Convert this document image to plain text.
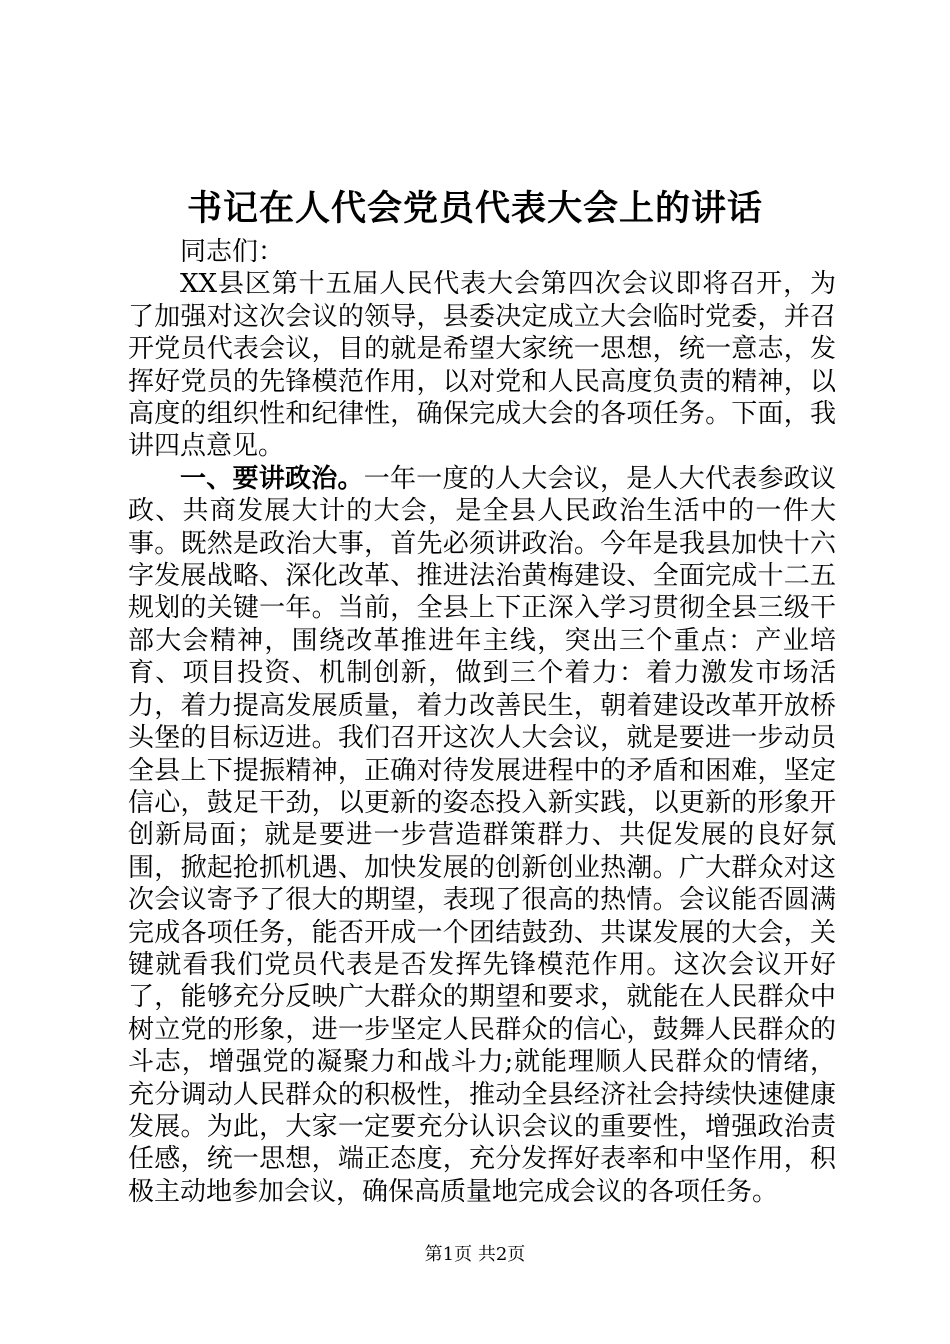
书记在人代会党员代表大会上的讲话

同志们：

XX县区第十五届人民代表大会第四次会议即将召开，为了加强对这次会议的领导，县委决定成立大会临时党委，并召开党员代表会议，目的就是希望大家统一思想，统一意志，发挥好党员的先锋模范作用，以对党和人民高度负责的精神，以高度的组织性和纪律性，确保完成大会的各项任务。下面，我讲四点意见。

一、要讲政治。一年一度的人大会议，是人大代表参政议政、共商发展大计的大会，是全县人民政治生活中的一件大事。既然是政治大事，首先必须讲政治。今年是我县加快十六字发展战略、深化改革、推进法治黄梅建设、全面完成十二五规划的关键一年。当前，全县上下正深入学习贯彻全县三级干部大会精神，围绕改革推进年主线，突出三个重点：产业培育、项目投资、机制创新，做到三个着力：着力激发市场活力，着力提高发展质量，着力改善民生，朝着建设改革开放桥头堡的目标迈进。我们召开这次人大会议，就是要进一步动员全县上下提振精神，正确对待发展进程中的矛盾和困难，坚定信心，鼓足干劲，以更新的姿态投入新实践，以更新的形象开创新局面；就是要进一步营造群策群力、共促发展的良好氛围，掀起抢抓机遇、加快发展的创新创业热潮。广大群众对这次会议寄予了很大的期望，表现了很高的热情。会议能否圆满完成各项任务，能否开成一个团结鼓劲、共谋发展的大会，关键就看我们党员代表是否发挥先锋模范作用。这次会议开好了，能够充分反映广大群众的期望和要求，就能在人民群众中树立党的形象，进一步坚定人民群众的信心，鼓舞人民群众的斗志，增强党的凝聚力和战斗力;就能理顺人民群众的情绪，充分调动人民群众的积极性，推动全县经济社会持续快速健康发展。为此，大家一定要充分认识会议的重要性，增强政治责任感，统一思想，端正态度，充分发挥好表率和中坚作用，积极主动地参加会议，确保高质量地完成会议的各项任务。

第1页 共2页
